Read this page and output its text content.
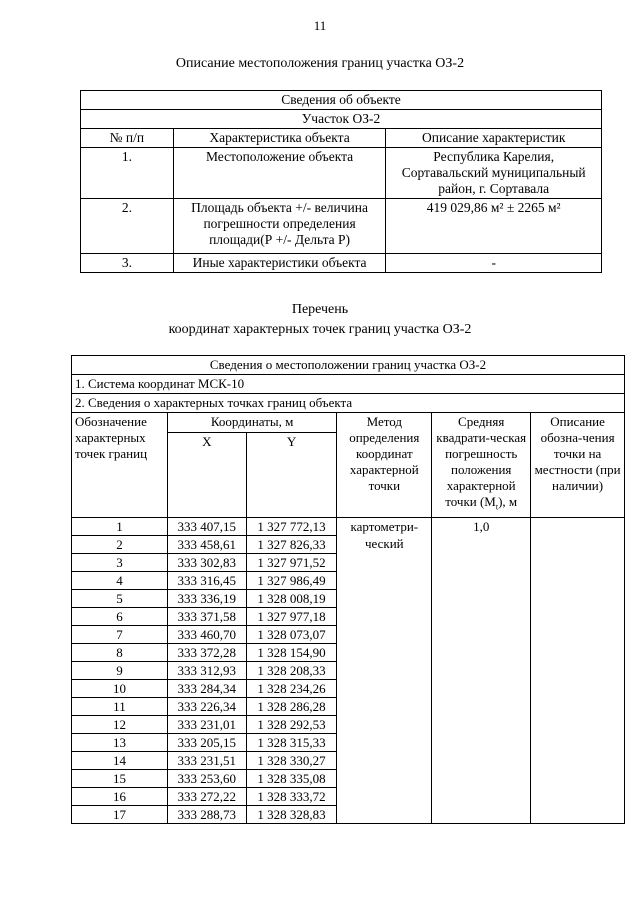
11
Описание местоположения границ участка ОЗ-2
Сведения об объекте		
Участок ОЗ-2		
№ п/п	Характеристика объекта	Описание характеристик
1.	Местоположение объекта	Республика Карелия, Сортавальский муниципальный район, г. Сортавала
2.	Площадь объекта +/- величина погрешности определения площади(Р +/- Дельта Р)	419 029,86 м² ± 2265 м²
3.	Иные характеристики объекта	-
Перечень
координат характерных точек границ участка ОЗ-2
Сведения о местоположении границ участка ОЗ-2					
1. Система координат МСК-10					
2. Сведения о характерных точках границ объекта					
Обозначение характерных точек границ	Координаты, м		Метод определения координат характерной точки	Средняя квадрати-ческая погрешность положения характерной точки $(M_t)$, м	Описание обозна-чения точки на местности (при наличии)
	X	Y			
1	333 407,15	1 327 772,13	картометри-ческий	1,0	
2	333 458,61	1 327 826,33			
3	333 302,83	1 327 971,52			
4	333 316,45	1 327 986,49			
5	333 336,19	1 328 008,19			
6	333 371,58	1 327 977,18			
7	333 460,70	1 328 073,07			
8	333 372,28	1 328 154,90			
9	333 312,93	1 328 208,33			
10	333 284,34	1 328 234,26			
11	333 226,34	1 328 286,28			
12	333 231,01	1 328 292,53			
13	333 205,15	1 328 315,33			
14	333 231,51	1 328 330,27			
15	333 253,60	1 328 335,08			
16	333 272,22	1 328 333,72			
17	333 288,73	1 328 328,83			
